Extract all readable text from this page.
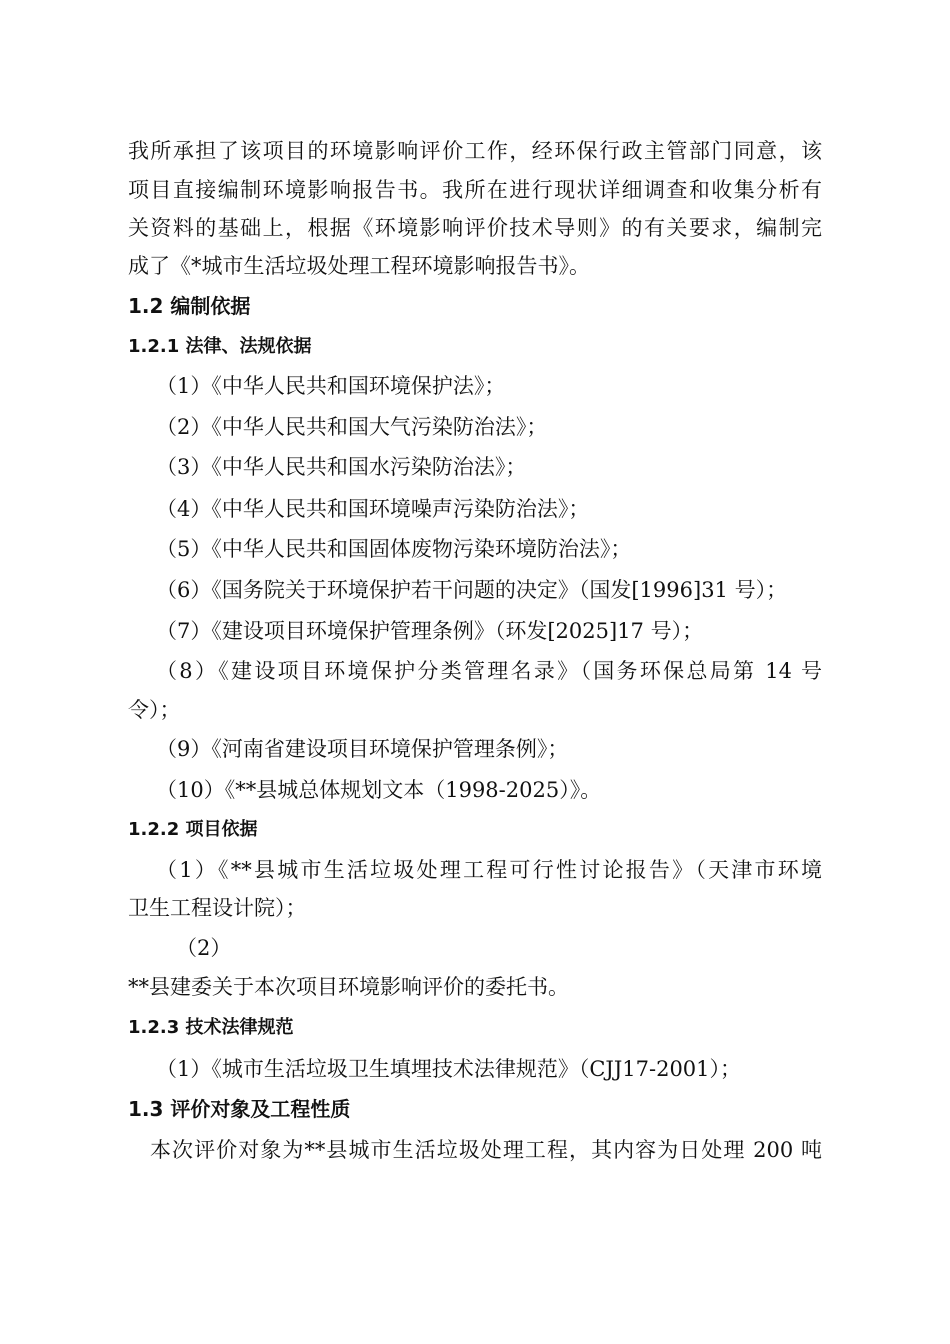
我所承担了该项目的环境影响评价工作，经环保行政主管部门同意，该
项目直接编制环境影响报告书。我所在进行现状详细调查和收集分析有
关资料的基础上，根据《环境影响评价技术导则》的有关要求，编制完
成了《*城市生活垃圾处理工程环境影响报告书》。
1.2 编制依据
1.2.1 法律、法规依据
（1）《中华人民共和国环境保护法》；
（2）《中华人民共和国大气污染防治法》；
（3）《中华人民共和国水污染防治法》；
（4）《中华人民共和国环境噪声污染防治法》；
（5）《中华人民共和国固体废物污染环境防治法》；
（6）《国务院关于环境保护若干问题的决定》（国发[1996]31 号）；
（7）《建设项目环境保护管理条例》（环发[2025]17 号）；
（8）《建设项目环境保护分类管理名录》（国务环保总局第 14 号
令）；
（9）《河南省建设项目环境保护管理条例》；
（10）《**县城总体规划文本（1998-2025）》。
1.2.2 项目依据
（1）《**县城市生活垃圾处理工程可行性讨论报告》（天津市环境
卫生工程设计院）；
（2）
**县建委关于本次项目环境影响评价的委托书。
1.2.3 技术法律规范
（1）《城市生活垃圾卫生填埋技术法律规范》（CJJ17-2001）；
1.3 评价对象及工程性质
本次评价对象为**县城市生活垃圾处理工程，其内容为日处理 200 吨
